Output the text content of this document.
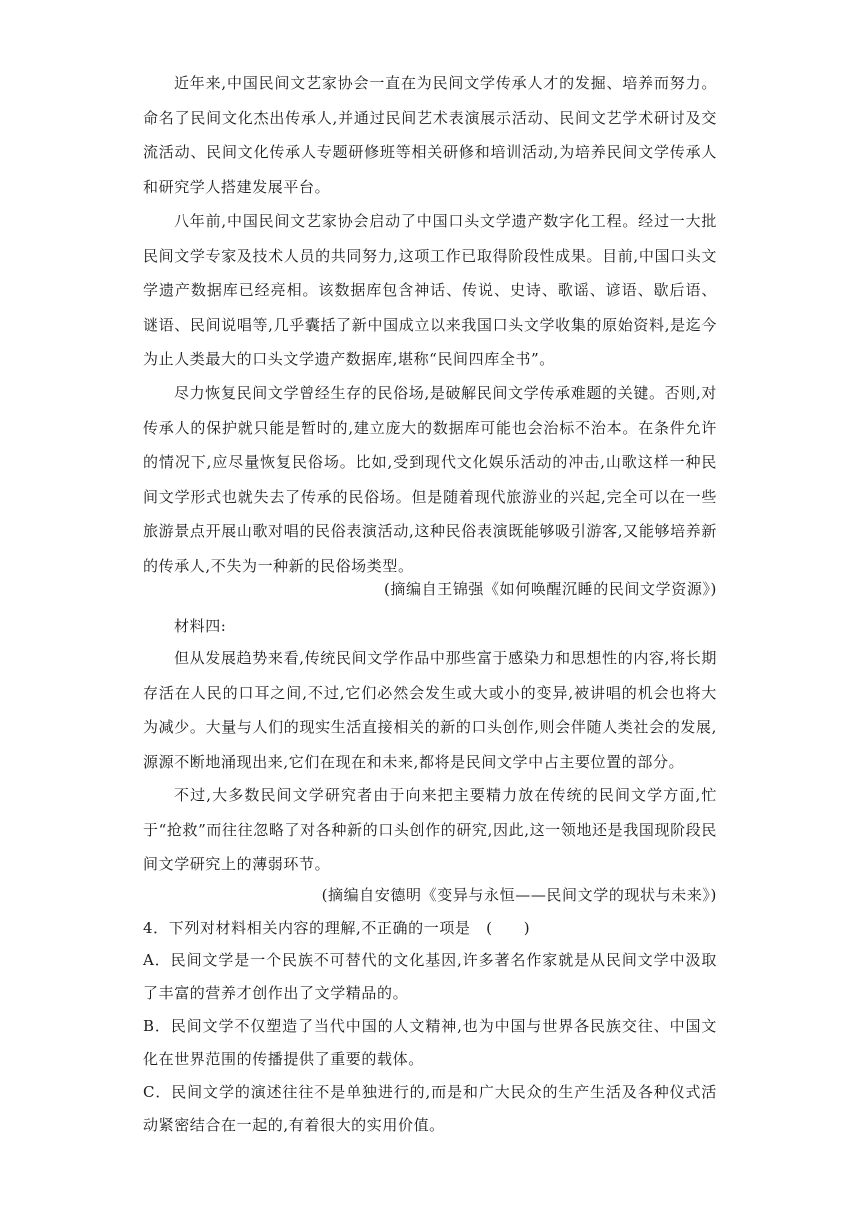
近年来,中国民间文艺家协会一直在为民间文学传承人才的发掘、培养而努力。命名了民间文化杰出传承人,并通过民间艺术表演展示活动、民间文艺学术研讨及交流活动、民间文化传承人专题研修班等相关研修和培训活动,为培养民间文学传承人和研究学人搭建发展平台。
八年前,中国民间文艺家协会启动了中国口头文学遗产数字化工程。经过一大批民间文学专家及技术人员的共同努力,这项工作已取得阶段性成果。目前,中国口头文学遗产数据库已经亮相。该数据库包含神话、传说、史诗、歌谣、谚语、歇后语、谜语、民间说唱等,几乎囊括了新中国成立以来我国口头文学收集的原始资料,是迄今为止人类最大的口头文学遗产数据库,堪称“民间四库全书”。
尽力恢复民间文学曾经生存的民俗场,是破解民间文学传承难题的关键。否则,对传承人的保护就只能是暂时的,建立庞大的数据库可能也会治标不治本。在条件允许的情况下,应尽量恢复民俗场。比如,受到现代文化娱乐活动的冲击,山歌这样一种民间文学形式也就失去了传承的民俗场。但是随着现代旅游业的兴起,完全可以在一些旅游景点开展山歌对唱的民俗表演活动,这种民俗表演既能够吸引游客,又能够培养新的传承人,不失为一种新的民俗场类型。
(摘编自王锦强《如何唤醒沉睡的民间文学资源》)
材料四:
但从发展趋势来看,传统民间文学作品中那些富于感染力和思想性的内容,将长期存活在人民的口耳之间,不过,它们必然会发生或大或小的变异,被讲唱的机会也将大为减少。大量与人们的现实生活直接相关的新的口头创作,则会伴随人类社会的发展,源源不断地涌现出来,它们在现在和未来,都将是民间文学中占主要位置的部分。
不过,大多数民间文学研究者由于向来把主要精力放在传统的民间文学方面,忙于“抢救”而往往忽略了对各种新的口头创作的研究,因此,这一领地还是我国现阶段民间文学研究上的薄弱环节。
(摘编自安德明《变异与永恒——民间文学的现状与未来》)
4．下列对材料相关内容的理解,不正确的一项是　(　　)
A．民间文学是一个民族不可替代的文化基因,许多著名作家就是从民间文学中汲取了丰富的营养才创作出了文学精品的。
B．民间文学不仅塑造了当代中国的人文精神,也为中国与世界各民族交往、中国文化在世界范围的传播提供了重要的载体。
C．民间文学的演述往往不是单独进行的,而是和广大民众的生产生活及各种仪式活动紧密结合在一起的,有着很大的实用价值。
